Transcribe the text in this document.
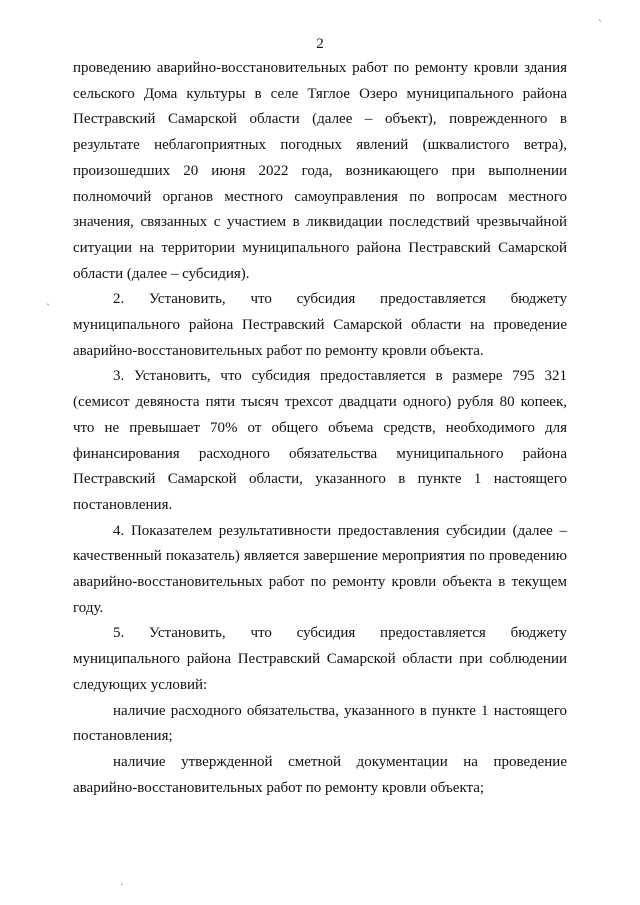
2

проведению аварийно-восстановительных работ по ремонту кровли здания сельского Дома культуры в селе Тяглое Озеро муниципального района Пестравский Самарской области (далее – объект), поврежденного в результате неблагоприятных погодных явлений (шквалистого ветра), произошедших 20 июня 2022 года, возникающего при выполнении полномочий органов местного самоуправления по вопросам местного значения, связанных с участием в ликвидации последствий чрезвычайной ситуации на территории муниципального района Пестравский Самарской области (далее – субсидия).

2. Установить, что субсидия предоставляется бюджету муниципального района Пестравский Самарской области на проведение аварийно-восстановительных работ по ремонту кровли объекта.

3. Установить, что субсидия предоставляется в размере 795 321 (семисот девяноста пяти тысяч трехсот двадцати одного) рубля 80 копеек, что не превышает 70% от общего объема средств, необходимого для финансирования расходного обязательства муниципального района Пестравский Самарской области, указанного в пункте 1 настоящего постановления.

4. Показателем результативности предоставления субсидии (далее – качественный показатель) является завершение мероприятия по проведению аварийно-восстановительных работ по ремонту кровли объекта в текущем году.

5. Установить, что субсидия предоставляется бюджету муниципального района Пестравский Самарской области при соблюдении следующих условий:

наличие расходного обязательства, указанного в пункте 1 настоящего постановления;

наличие утвержденной сметной документации на проведение аварийно-восстановительных работ по ремонту кровли объекта;

ˎ
ˏ
·
